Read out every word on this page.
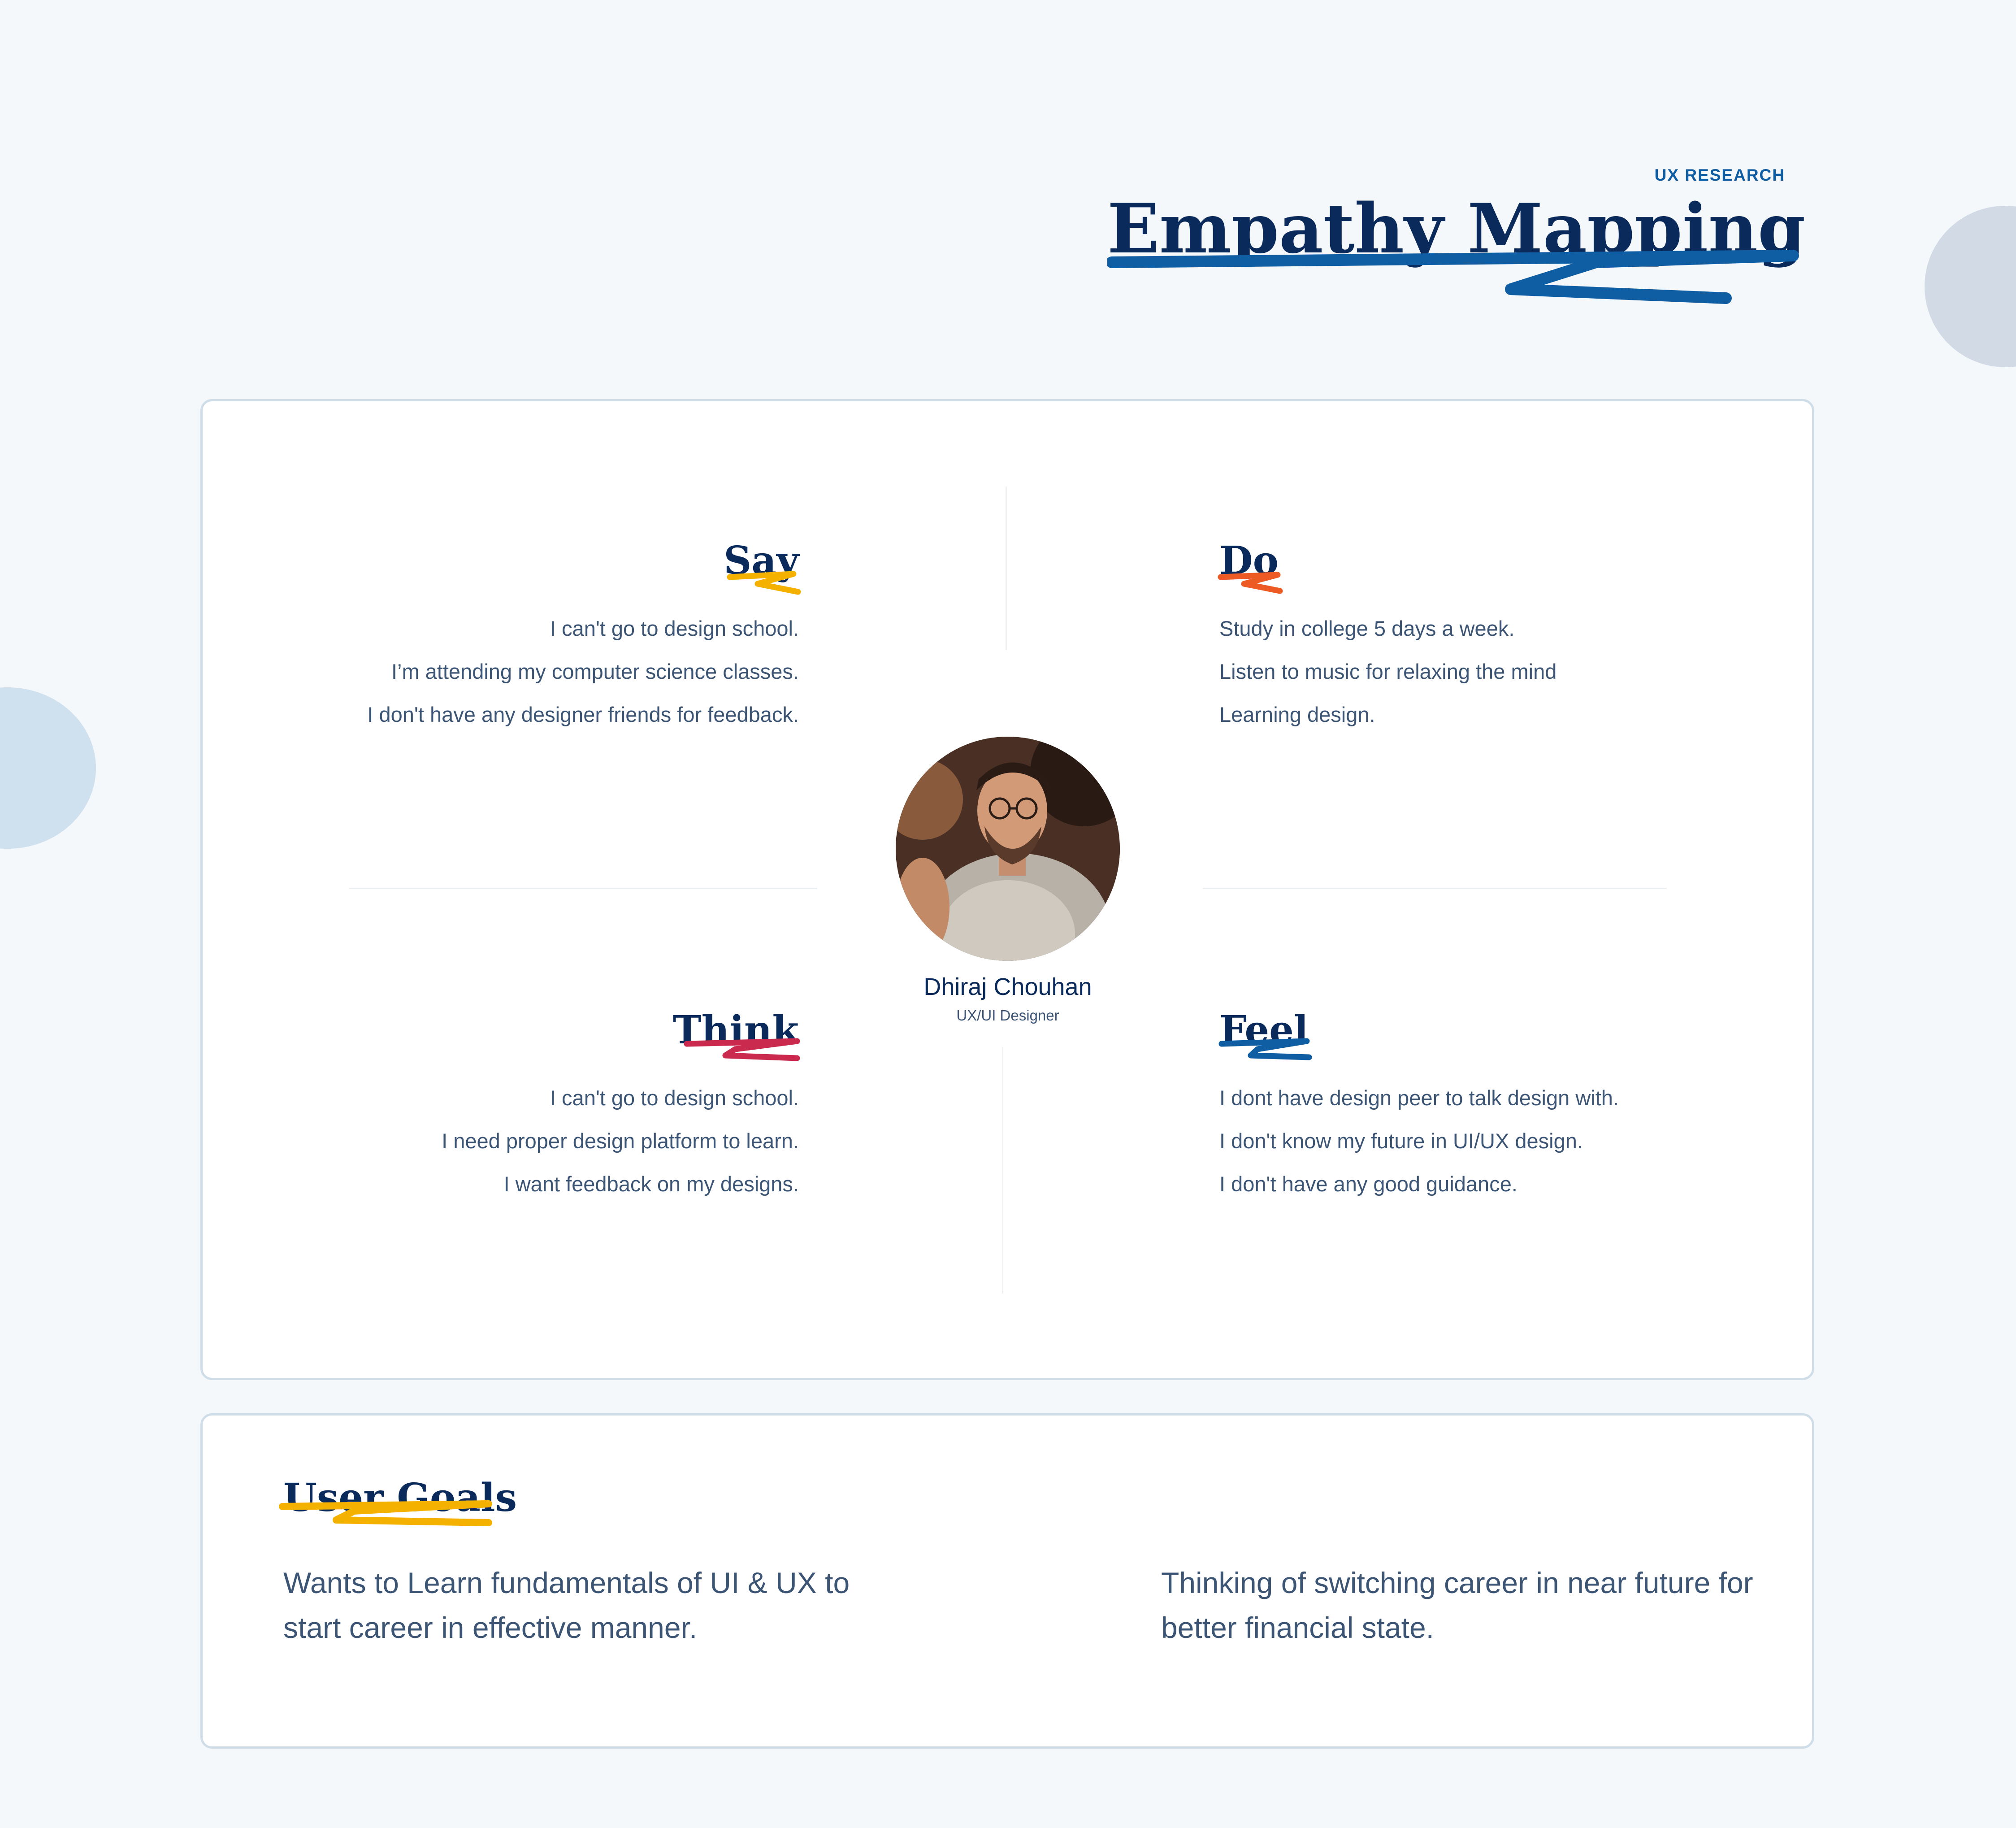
UX RESEARCH
Empathy Mapping
Say
I can't go to design school.
I’m attending my computer science classes.
I don't have any designer friends for feedback.
Do
Study in college 5 days a week.
Listen to music for relaxing the mind
Learning design.
Think
I can't go to design school.
I need proper design platform to learn.
I want feedback on my designs.
Feel
I dont have design peer to talk design with.
I don't know my future in UI/UX design.
I don't have any good guidance.
Dhiraj Chouhan
UX/UI Designer
User Goals
Wants to Learn fundamentals of UI & UX to start career in effective manner.
Thinking of switching career in near future for better financial state.
